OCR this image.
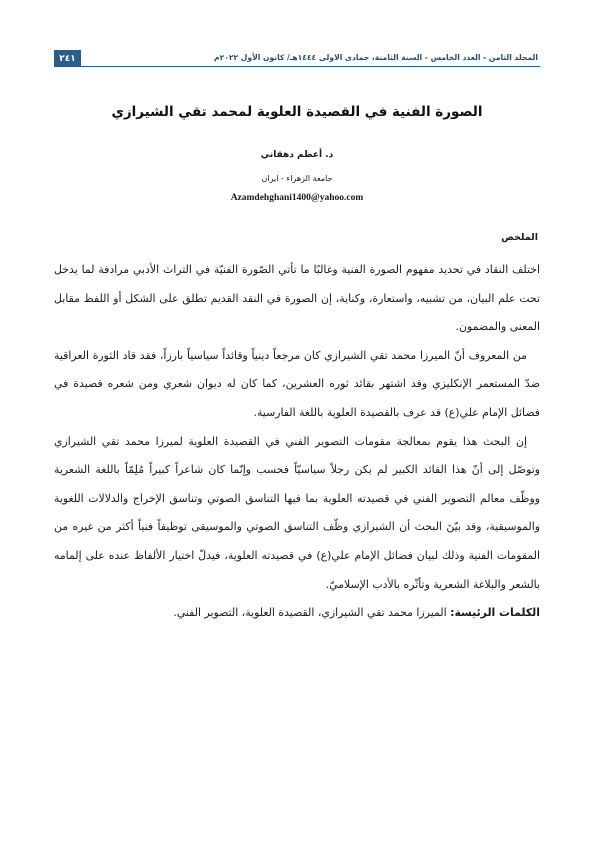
٢٤١	المجلد الثامن - العدد الخامس - السنة الثامنة، جمادى الاولى ١٤٤٤هـ/ كانون الأول ٢٠٢٢م
الصورة الفنية في القصيدة العلوية لمحمد تقي الشيرازي
د. أعظم دهقاني
جامعة الزهراء - ايران
Azamdehghani1400@yahoo.com
الملخص

اختلف النقاد في تحديد مفهوم الصورة الفنية وغالبًا ما تأتي الصّورة الفنيّة في التراث الأدبي مرادفة لما يدخل تحت علم البيان، من تشبيه، واستعارة، وكناية، إن الصورة في النقد القديم تطلق على الشكل أو اللفظ مقابل المعنى والمضمون.

من المعروف أنّ الميرزا محمد تقي الشيرازي كان مرجعاً دينياً وقائداً سياسياً بارزاً، فقد قاد الثورة العراقية ضدّ المستعمر الإنكليزي وقد اشتهر بقائد ثوره العشرين، كما كان له ديوان شعري ومن شعره قصيدة في فضائل الإمام علي(ع) قد عرف بالقصيدة العلوية باللغة الفارسية.

إن البحث هذا يقوم بمعالجة مقومات التصوير الفني في القصيدة العلوية لميرزا محمد تقي الشيرازي وتوصّل إلى أنّ هذا القائد الكبير لم يكن رجلاً سياسيّاً فحسب وإنّما كان شاعراً كبيراً مُلِمّاً باللغة الشعرية ووظّف معالم التصوير الفني في قصيدته العلوية بما فيها التناسق الصوتي وتناسق الإخراج والدلالات اللغوية والموسيقية، وقد بيّنَ البحث أن الشيرازي وظّف التناسق الصوتي والموسيقى توظيفاً فنياً أكثر من غيره من المقومات الفنية وذلك لبيان فضائل الإمام علي(ع) في قصيدته العلوية، فيدلّ اختيار الألفاظ عنده على إلمامه بالشعر والبلاغة الشعرية وتأثّره بالأدب الإسلاميّ.

الكلمات الرئيسة: الميرزا محمد تقي الشيرازي، القصيدة العلوية، التصوير الفني.
